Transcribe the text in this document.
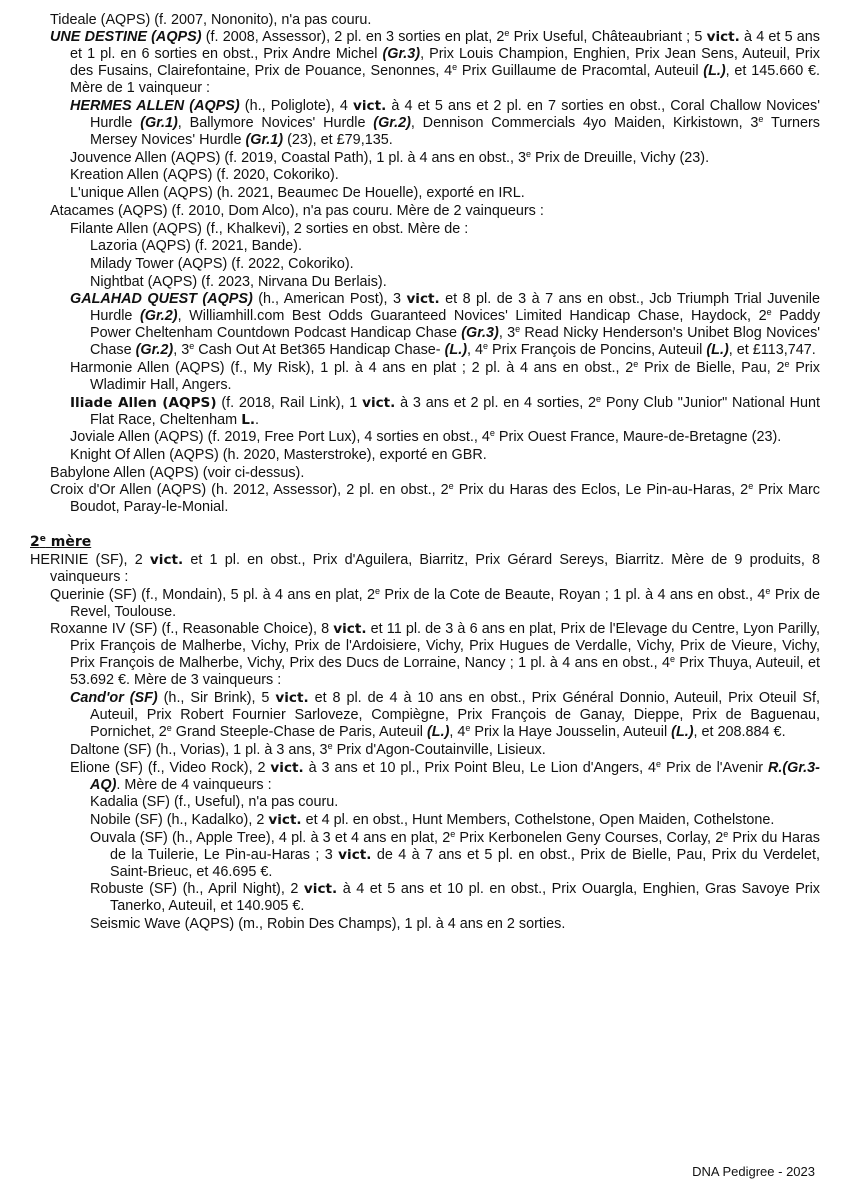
Tideale (AQPS) (f. 2007, Nononito), n'a pas couru.
UNE DESTINE (AQPS) (f. 2008, Assessor), 2 pl. en 3 sorties en plat, 2e Prix Useful, Châteaubriant ; 5 vict. à 4 et 5 ans et 1 pl. en 6 sorties en obst., Prix Andre Michel (Gr.3), Prix Louis Champion, Enghien, Prix Jean Sens, Auteuil, Prix des Fusains, Clairefontaine, Prix de Pouance, Senonnes, 4e Prix Guillaume de Pracomtal, Auteuil (L.), et 145.660 €. Mère de 1 vainqueur :
HERMES ALLEN (AQPS) (h., Poliglote), 4 vict. à 4 et 5 ans et 2 pl. en 7 sorties en obst., Coral Challow Novices' Hurdle (Gr.1), Ballymore Novices' Hurdle (Gr.2), Dennison Commercials 4yo Maiden, Kirkistown, 3e Turners Mersey Novices' Hurdle (Gr.1) (23), et £79,135.
Jouvence Allen (AQPS) (f. 2019, Coastal Path), 1 pl. à 4 ans en obst., 3e Prix de Dreuille, Vichy (23).
Kreation Allen (AQPS) (f. 2020, Cokoriko).
L'unique Allen (AQPS) (h. 2021, Beaumec De Houelle), exporté en IRL.
Atacames (AQPS) (f. 2010, Dom Alco), n'a pas couru. Mère de 2 vainqueurs :
Filante Allen (AQPS) (f., Khalkevi), 2 sorties en obst. Mère de :
Lazoria (AQPS) (f. 2021, Bande).
Milady Tower (AQPS) (f. 2022, Cokoriko).
Nightbat (AQPS) (f. 2023, Nirvana Du Berlais).
GALAHAD QUEST (AQPS) (h., American Post), 3 vict. et 8 pl. de 3 à 7 ans en obst., Jcb Triumph Trial Juvenile Hurdle (Gr.2), Williamhill.com Best Odds Guaranteed Novices' Limited Handicap Chase, Haydock, 2e Paddy Power Cheltenham Countdown Podcast Handicap Chase (Gr.3), 3e Read Nicky Henderson's Unibet Blog Novices' Chase (Gr.2), 3e Cash Out At Bet365 Handicap Chase- (L.), 4e Prix François de Poncins, Auteuil (L.), et £113,747.
Harmonie Allen (AQPS) (f., My Risk), 1 pl. à 4 ans en plat ; 2 pl. à 4 ans en obst., 2e Prix de Bielle, Pau, 2e Prix Wladimir Hall, Angers.
Iliade Allen (AQPS) (f. 2018, Rail Link), 1 vict. à 3 ans et 2 pl. en 4 sorties, 2e Pony Club "Junior" National Hunt Flat Race, Cheltenham L..
Joviale Allen (AQPS) (f. 2019, Free Port Lux), 4 sorties en obst., 4e Prix Ouest France, Maure-de-Bretagne (23).
Knight Of Allen (AQPS) (h. 2020, Masterstroke), exporté en GBR.
Babylone Allen (AQPS) (voir ci-dessus).
Croix d'Or Allen (AQPS) (h. 2012, Assessor), 2 pl. en obst., 2e Prix du Haras des Eclos, Le Pin-au-Haras, 2e Prix Marc Boudot, Paray-le-Monial.
2e mère
HERINIE (SF), 2 vict. et 1 pl. en obst., Prix d'Aguilera, Biarritz, Prix Gérard Sereys, Biarritz. Mère de 9 produits, 8 vainqueurs :
Querinie (SF) (f., Mondain), 5 pl. à 4 ans en plat, 2e Prix de la Cote de Beaute, Royan ; 1 pl. à 4 ans en obst., 4e Prix de Revel, Toulouse.
Roxanne IV (SF) (f., Reasonable Choice), 8 vict. et 11 pl. de 3 à 6 ans en plat, Prix de l'Elevage du Centre, Lyon Parilly, Prix François de Malherbe, Vichy, Prix de l'Ardoisiere, Vichy, Prix Hugues de Verdalle, Vichy, Prix de Vieure, Vichy, Prix François de Malherbe, Vichy, Prix des Ducs de Lorraine, Nancy ; 1 pl. à 4 ans en obst., 4e Prix Thuya, Auteuil, et 53.692 €. Mère de 3 vainqueurs :
Cand'or (SF) (h., Sir Brink), 5 vict. et 8 pl. de 4 à 10 ans en obst., Prix Général Donnio, Auteuil, Prix Oteuil Sf, Auteuil, Prix Robert Fournier Sarloveze, Compiègne, Prix François de Ganay, Dieppe, Prix de Baguenau, Pornichet, 2e Grand Steeple-Chase de Paris, Auteuil (L.), 4e Prix la Haye Jousselin, Auteuil (L.), et 208.884 €.
Daltone (SF) (h., Vorias), 1 pl. à 3 ans, 3e Prix d'Agon-Coutainville, Lisieux.
Elione (SF) (f., Video Rock), 2 vict. à 3 ans et 10 pl., Prix Point Bleu, Le Lion d'Angers, 4e Prix de l'Avenir R.(Gr.3-AQ). Mère de 4 vainqueurs :
Kadalia (SF) (f., Useful), n'a pas couru.
Nobile (SF) (h., Kadalko), 2 vict. et 4 pl. en obst., Hunt Members, Cothelstone, Open Maiden, Cothelstone.
Ouvala (SF) (h., Apple Tree), 4 pl. à 3 et 4 ans en plat, 2e Prix Kerbonelen Geny Courses, Corlay, 2e Prix du Haras de la Tuilerie, Le Pin-au-Haras ; 3 vict. de 4 à 7 ans et 5 pl. en obst., Prix de Bielle, Pau, Prix du Verdelet, Saint-Brieuc, et 46.695 €.
Robuste (SF) (h., April Night), 2 vict. à 4 et 5 ans et 10 pl. en obst., Prix Ouargla, Enghien, Gras Savoye Prix Tanerko, Auteuil, et 140.905 €.
Seismic Wave (AQPS) (m., Robin Des Champs), 1 pl. à 4 ans en 2 sorties.
DNA Pedigree - 2023
